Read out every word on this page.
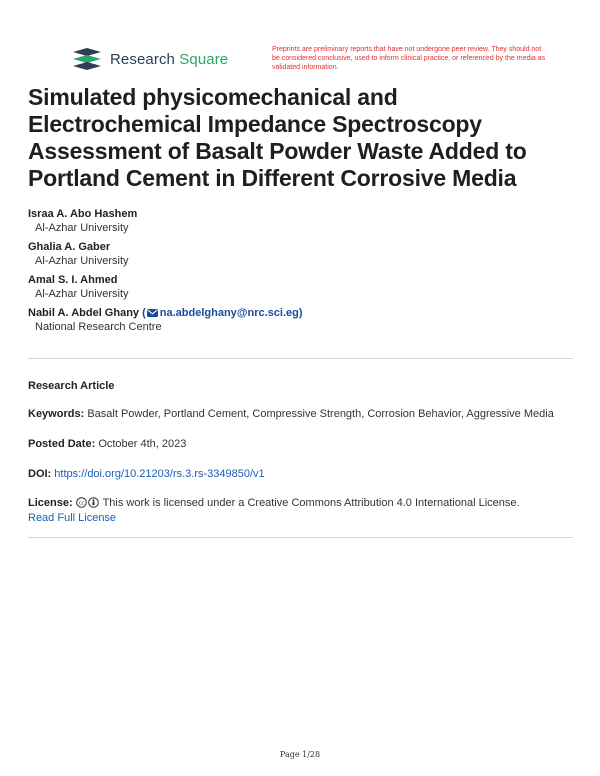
Research Square
Preprints are preliminary reports that have not undergone peer review. They should not be considered conclusive, used to inform clinical practice, or referenced by the media as validated information.
Simulated physicomechanical and Electrochemical Impedance Spectroscopy Assessment of Basalt Powder Waste Added to Portland Cement in Different Corrosive Media
Israa A. Abo Hashem
Al-Azhar University
Ghalia A. Gaber
Al-Azhar University
Amal S. I. Ahmed
Al-Azhar University
Nabil A. Abdel Ghany ( na.abdelghany@nrc.sci.eg)
National Research Centre
Research Article
Keywords: Basalt Powder, Portland Cement, Compressive Strength, Corrosion Behavior, Aggressive Media
Posted Date: October 4th, 2023
DOI: https://doi.org/10.21203/rs.3.rs-3349850/v1
License: cc This work is licensed under a Creative Commons Attribution 4.0 International License.
Read Full License
Page 1/28
